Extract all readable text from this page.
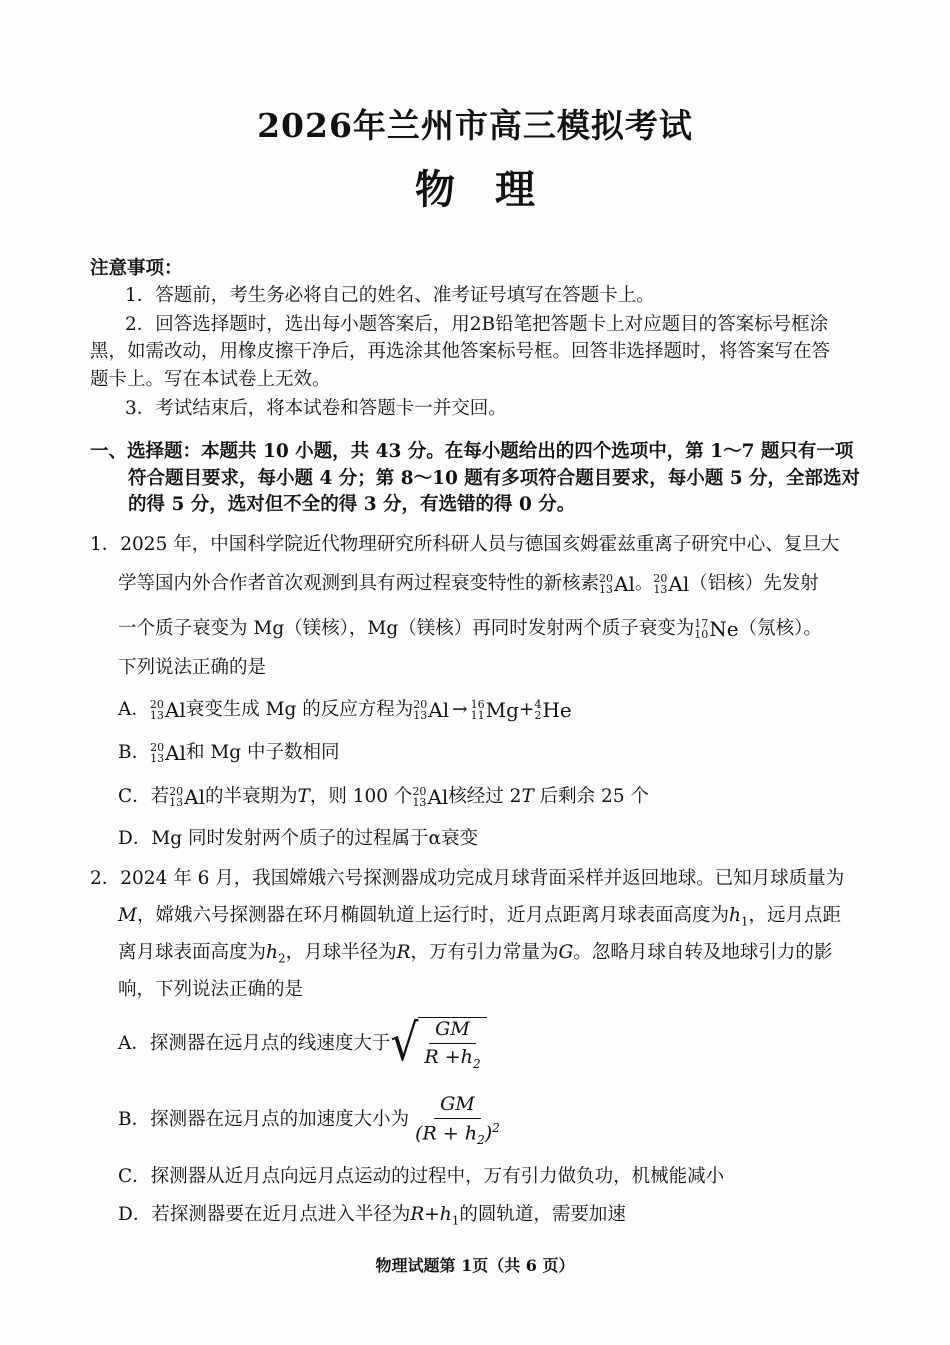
2026年兰州市高三模拟考试
物理
注意事项：
1．答题前，考生务必将自己的姓名、准考证号填写在答题卡上。
2．回答选择题时，选出每小题答案后，用2B铅笔把答题卡上对应题目的答案标号框涂
黑，如需改动，用橡皮擦干净后，再选涂其他答案标号框。回答非选择题时，将答案写在答
题卡上。写在本试卷上无效。
3．考试结束后，将本试卷和答题卡一并交回。
一、选择题：本题共 10 小题，共 43 分。在每小题给出的四个选项中，第 1～7 题只有一项
符合题目要求，每小题 4 分；第 8～10 题有多项符合题目要求，每小题 5 分，全部选对
的得 5 分，选对但不全的得 3 分，有选错的得 0 分。
1．2025 年，中国科学院近代物理研究所科研人员与德国亥姆霍兹重离子研究中心、复旦大
学等国内外合作者首次观测到具有两过程衰变特性的新核素 20
13 Al 。 20
13 Al （铝核）先发射
一个质子衰变为 Mg（镁核），Mg（镁核）再同时发射两个质子衰变为 17
10 Ne （氖核）。
下列说法正确的是
A． 20
13 Al 衰变生成 Mg 的反应方程为 20
13 Al → 16
11 Mg + 4
2 He
B． 20
13 Al 和 Mg 中子数相同
C．若 20
13 Al 的半衰期为T，则 100 个 20
13 Al 核经过 2T 后剩余 25 个
D．Mg 同时发射两个质子的过程属于α衰变
2．2024 年 6 月，我国嫦娥六号探测器成功完成月球背面采样并返回地球。已知月球质量为
M，嫦娥六号探测器在环月椭圆轨道上运行时，近月点距离月球表面高度为$h_1$，远月点距
离月球表面高度为$h_2$，月球半径为R，万有引力常量为G。忽略月球自转及地球引力的影
响，下列说法正确的是
A．探测器在远月点的线速度大于 √ $\frac{GM}{R +h_2}$
B．探测器在远月点的加速度大小为 $\frac{GM}{(R + h_2)^2}$
C．探测器从近月点向远月点运动的过程中，万有引力做负功，机械能减小
D．若探测器要在近月点进入半径为$R+h_1$的圆轨道，需要加速
物理试题第 1页（共 6 页）
